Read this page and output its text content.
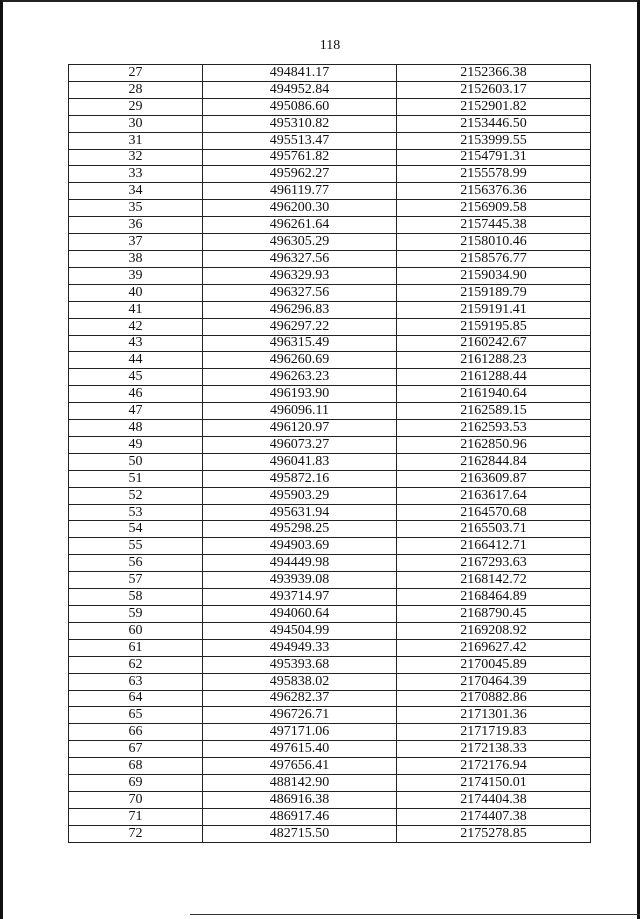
118
27	494841.17	2152366.38
28	494952.84	2152603.17
29	495086.60	2152901.82
30	495310.82	2153446.50
31	495513.47	2153999.55
32	495761.82	2154791.31
33	495962.27	2155578.99
34	496119.77	2156376.36
35	496200.30	2156909.58
36	496261.64	2157445.38
37	496305.29	2158010.46
38	496327.56	2158576.77
39	496329.93	2159034.90
40	496327.56	2159189.79
41	496296.83	2159191.41
42	496297.22	2159195.85
43	496315.49	2160242.67
44	496260.69	2161288.23
45	496263.23	2161288.44
46	496193.90	2161940.64
47	496096.11	2162589.15
48	496120.97	2162593.53
49	496073.27	2162850.96
50	496041.83	2162844.84
51	495872.16	2163609.87
52	495903.29	2163617.64
53	495631.94	2164570.68
54	495298.25	2165503.71
55	494903.69	2166412.71
56	494449.98	2167293.63
57	493939.08	2168142.72
58	493714.97	2168464.89
59	494060.64	2168790.45
60	494504.99	2169208.92
61	494949.33	2169627.42
62	495393.68	2170045.89
63	495838.02	2170464.39
64	496282.37	2170882.86
65	496726.71	2171301.36
66	497171.06	2171719.83
67	497615.40	2172138.33
68	497656.41	2172176.94
69	488142.90	2174150.01
70	486916.38	2174404.38
71	486917.46	2174407.38
72	482715.50	2175278.85
